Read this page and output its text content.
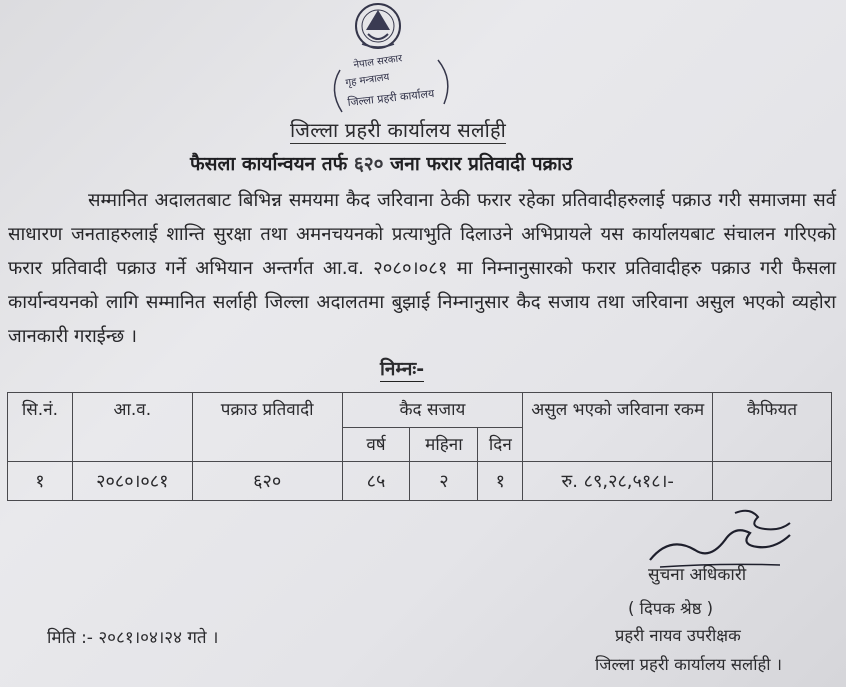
नेपाल सरकार
गृह मन्त्रालय
जिल्ला प्रहरी कार्यालय
जिल्ला प्रहरी कार्यालय सर्लाही
फैसला कार्यान्वयन तर्फ ६२० जना फरार प्रतिवादी पक्राउ
सम्मानित अदालतबाट बिभिन्न समयमा कैद जरिवाना ठेकी फरार रहेका प्रतिवादीहरुलाई पक्राउ गरी समाजमा सर्व साधारण जनताहरुलाई शान्ति सुरक्षा तथा अमनचयनको प्रत्याभुति दिलाउने अभिप्रायले यस कार्यालयबाट संचालन गरिएको फरार प्रतिवादी पक्राउ गर्ने अभियान अन्तर्गत आ.व. २०८०।०८१ मा निम्नानुसारको फरार प्रतिवादीहरु पक्राउ गरी फैसला कार्यान्वयनको लागि सम्मानित सर्लाही जिल्ला अदालतमा बुझाई निम्नानुसार कैद सजाय तथा जरिवाना असुल भएको व्यहोरा जानकारी गराईन्छ ।
निम्नः-
सि.नं.	आ.व.	पक्राउ प्रतिवादी	कैद सजाय			असुल भएको जरिवाना रकम	कैफियत
			वर्ष	महिना	दिन		
१	२०८०।०८१	६२०	८५	२	१	रु. ८९,२८,५१८।-	
सुचना अधिकारी
( दिपक श्रेष्ठ )
प्रहरी नायव उपरीक्षक
जिल्ला प्रहरी कार्यालय सर्लाही ।
मिति :- २०८१।०४।२४ गते ।
